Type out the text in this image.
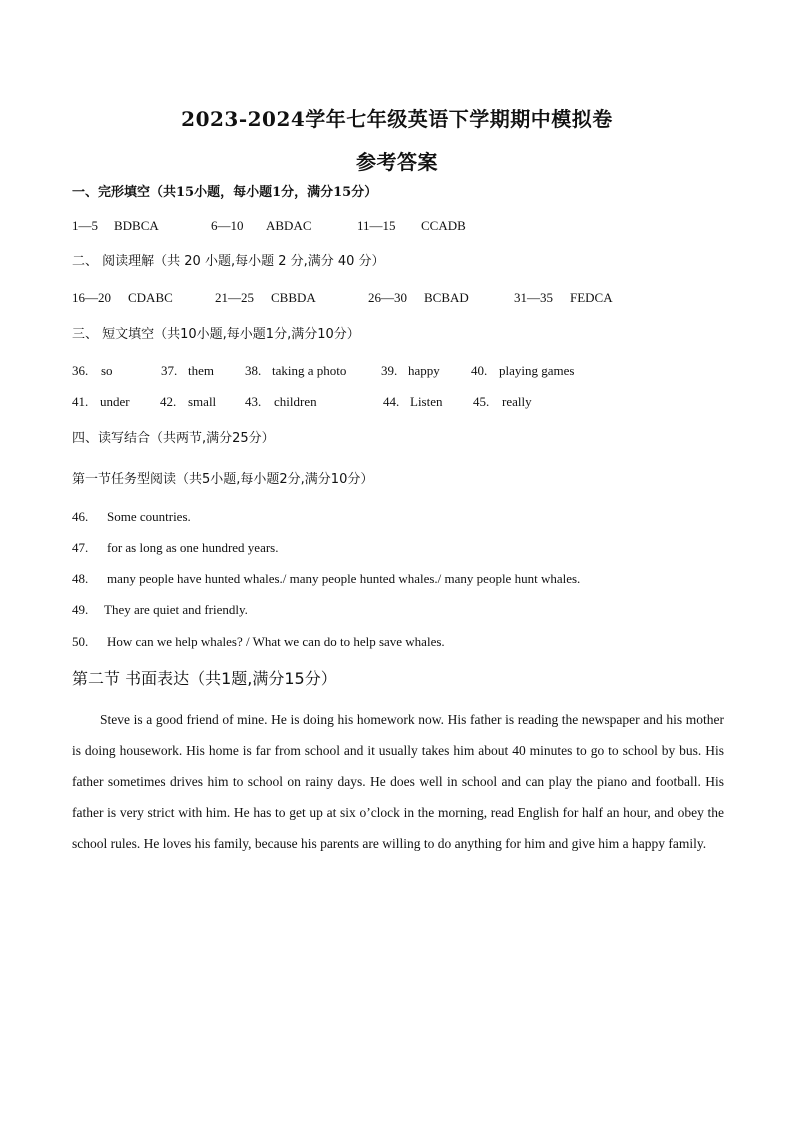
2023-2024学年七年级英语下学期期中模拟卷
参考答案
一、完形填空（共15小题，每小题1分，满分15分）
1—5 BDBCA	6—10 ABDAC	11—15 CCADB
二、 阅读理解（共 20 小题,每小题 2 分,满分 40 分）
16—20 CDABC	21—25 CBBDA	26—30 BCBAD	31—35 FEDCA
三、 短文填空（共10小题,每小题1分,满分10分）
36. so	37. them 38. taking a photo	39. happy 40. playing games
41. under 42. small 43. children	44. Listen 45. really
四、读写结合（共两节,满分25分）
第一节任务型阅读（共5小题,每小题2分,满分10分）
46. Some countries.
47. for as long as one hundred years.
48. many people have hunted whales./ many people hunted whales./ many people hunt whales.
49. They are quiet and friendly.
50. How can we help whales? / What we can do to help save whales.
第二节 书面表达（共1题,满分15分）
Steve is a good friend of mine. He is doing his homework now. His father is reading the newspaper and his mother is doing housework. His home is far from school and it usually takes him about 40 minutes to go to school by bus. His father sometimes drives him to school on rainy days. He does well in school and can play the piano and football. His father is very strict with him. He has to get up at six o’clock in the morning, read English for half an hour, and obey the school rules. He loves his family, because his parents are willing to do anything for him and give him a happy family.
